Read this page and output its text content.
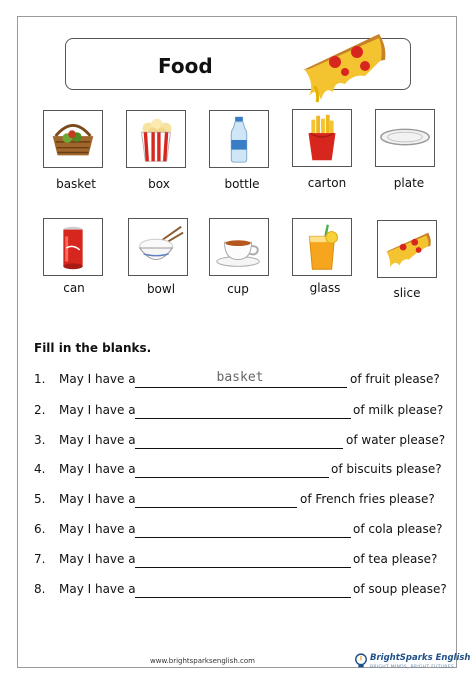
Food
basket	box	bottle	carton	plate
can	bowl	cup	glass	slice
Fill in the blanks.
1. May I have a	basket	of fruit please?
2. May I have a	of milk please?
3. May I have a	of water please?
4. May I have a	of biscuits please?
5. May I have a	of French fries please?
6. May I have a	of cola please?
7. May I have a	of tea please?
8. May I have a	of soup please?
www.brightsparksenglish.com	BrightSparks English
BRIGHT MINDS, BRIGHT FUTURES
